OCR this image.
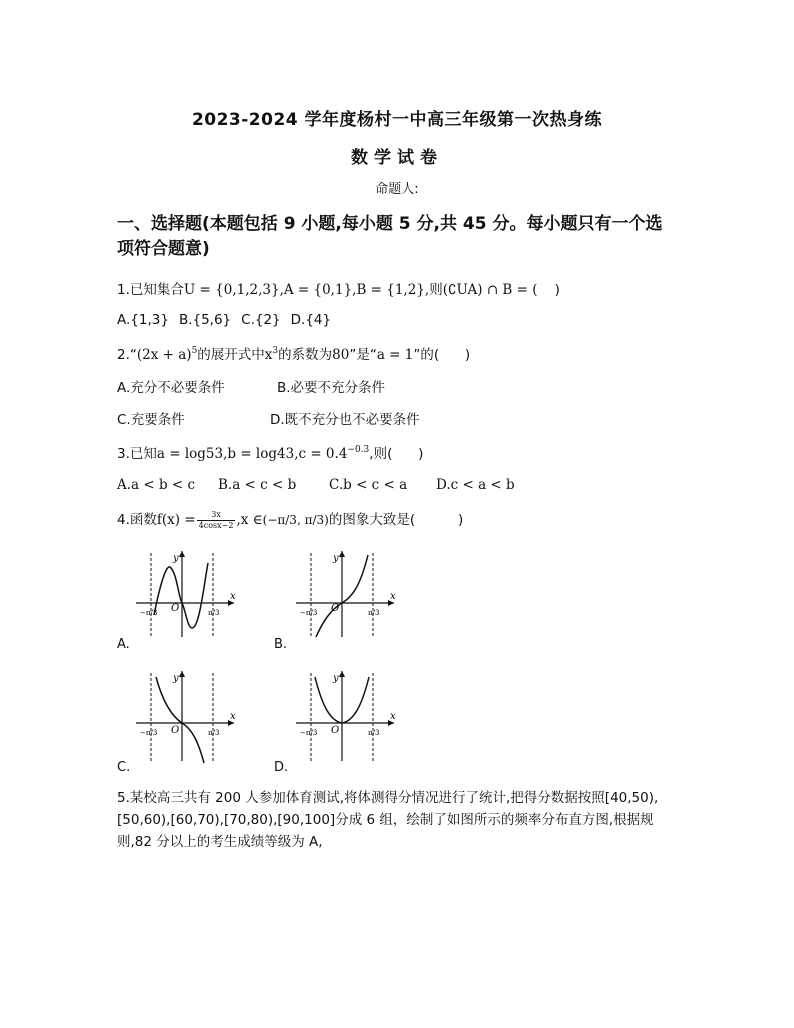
2023-2024 学年度杨村一中高三年级第一次热身练
数学试卷
命题人:
一、选择题(本题包括 9 小题,每小题 5 分,共 45 分。每小题只有一个选项符合题意)
1.已知集合U = {0,1,2,3},A = {0,1},B = {1,2},则(∁UA) ∩ B = (    )
A.{1,3} B.{5,6} C.{2} D.{4}
2.“(2x + a)$^5$的展开式中$x^3$的系数为80”是“a = 1”的(      )
A.充分不必要条件	B.必要不充分条件
C.充要条件	D.既不充分也不必要条件
3.已知$a = \log 53,b = \log 43,c = 0.4^{-0.3}$,则(      )
A.a < b < c B.a < c < b C.b < c < a D.c < a < b
4.函数$f(x) = \frac{3x}{4\cos x-2} ,x$ ∈(−π/3, π/3)的图象大致是(          )
y
x
O
−π/3	π/3
A.
y
x
O
−π/3	π/3
B.
y
x
O
−π/3	π/3
C.
y
x
O
−π/3	π/3
D.
5.某校高三共有 200 人参加体育测试,将体测得分情况进行了统计,把得分数据按照[40,50),[50,60),[60,70),[70,80),[90,100]分成 6 组，绘制了如图所示的频率分布直方图,根据规则,82 分以上的考生成绩等级为 A,
